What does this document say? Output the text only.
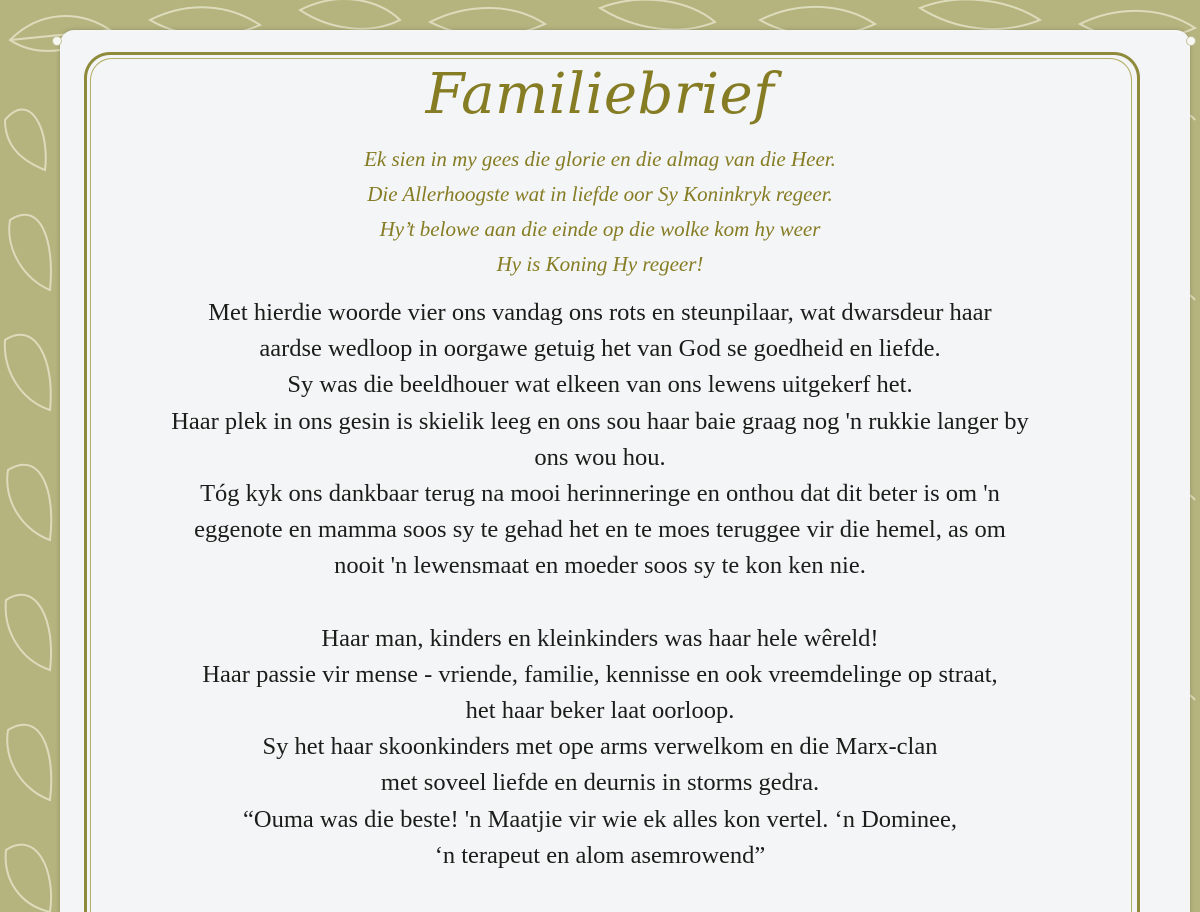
Familiebrief
Ek sien in my gees die glorie en die almag van die Heer.
Die Allerhoogste wat in liefde oor Sy Koninkryk regeer.
Hy’t belowe aan die einde op die wolke kom hy weer
Hy is Koning Hy regeer!
Met hierdie woorde vier ons vandag ons rots en steunpilaar, wat dwarsdeur haar
aardse wedloop in oorgawe getuig het van God se goedheid en liefde.
Sy was die beeldhouer wat elkeen van ons lewens uitgekerf het.
Haar plek in ons gesin is skielik leeg en ons sou haar baie graag nog 'n rukkie langer by
ons wou hou.
Tóg kyk ons dankbaar terug na mooi herinneringe en onthou dat dit beter is om 'n
eggenote en mamma soos sy te gehad het en te moes teruggee vir die hemel, as om
nooit 'n lewensmaat en moeder soos sy te kon ken nie.
Haar man, kinders en kleinkinders was haar hele wêreld!
Haar passie vir mense - vriende, familie, kennisse en ook vreemdelinge op straat,
het haar beker laat oorloop.
Sy het haar skoonkinders met ope arms verwelkom en die Marx-clan
met soveel liefde en deurnis in storms gedra.
“Ouma was die beste! 'n Maatjie vir wie ek alles kon vertel. ‘n Dominee,
‘n terapeut en alom asemrowend”
